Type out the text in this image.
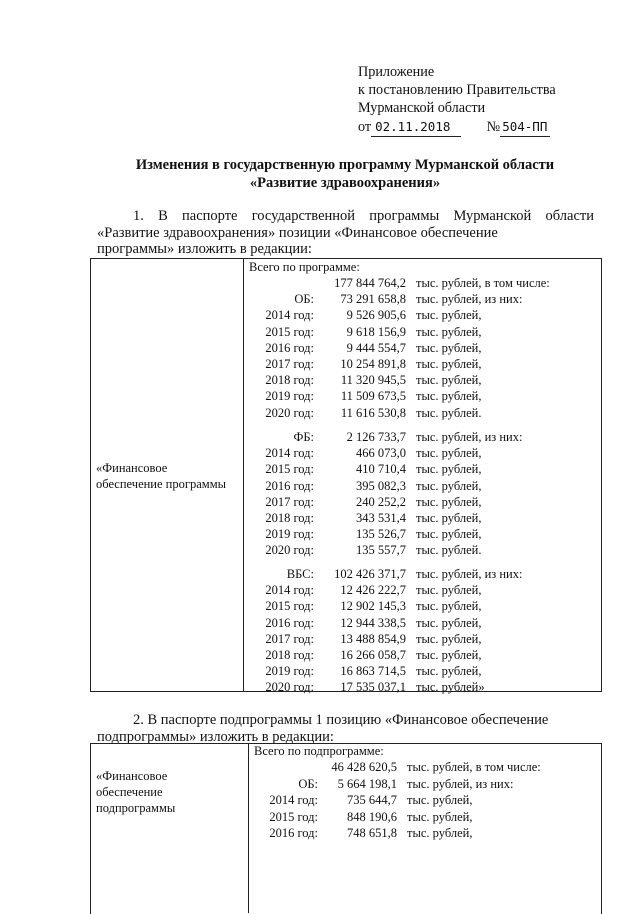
Приложение
к постановлению Правительства
Мурманской области
от 02.11.2018	№ 504-ПП
Изменения в государственную программу Мурманской области
«Развитие здравоохранения»
1. В паспорте государственной программы Мурманской области «Развитие здравоохранения» позиции «Финансовое обеспечение
программы» изложить в редакции:
«Финансовое
обеспечение программы
Всего по программе:
177 844 764,2 тыс. рублей, в том числе:
ОБ: 73 291 658,8 тыс. рублей, из них:
2014 год:	9 526 905,6 тыс. рублей,
2015 год:	9 618 156,9 тыс. рублей,
2016 год:	9 444 554,7 тыс. рублей,
2017 год: 10 254 891,8 тыс. рублей,
2018 год: 11 320 945,5 тыс. рублей,
2019 год: 11 509 673,5 тыс. рублей,
2020 год: 11 616 530,8 тыс. рублей.
ФБ:	2 126 733,7 тыс. рублей, из них:
2014 год:	466 073,0 тыс. рублей,
2015 год:	410 710,4 тыс. рублей,
2016 год:	395 082,3 тыс. рублей,
2017 год:	240 252,2 тыс. рублей,
2018 год:	343 531,4 тыс. рублей,
2019 год:	135 526,7 тыс. рублей,
2020 год:	135 557,7 тыс. рублей.
ВБС: 102 426 371,7 тыс. рублей, из них:
2014 год: 12 426 222,7 тыс. рублей,
2015 год: 12 902 145,3 тыс. рублей,
2016 год: 12 944 338,5 тыс. рублей,
2017 год: 13 488 854,9 тыс. рублей,
2018 год: 16 266 058,7 тыс. рублей,
2019 год: 16 863 714,5 тыс. рублей,
2020 год: 17 535 037,1 тыс. рублей»
2. В паспорте подпрограммы 1 позицию «Финансовое обеспечение
подпрограммы» изложить в редакции:
«Финансовое
обеспечение
подпрограммы
Всего по подпрограмме:
46 428 620,5 тыс. рублей, в том числе:
ОБ: 5 664 198,1 тыс. рублей, из них:
2014 год: 735 644,7 тыс. рублей,
2015 год: 848 190,6 тыс. рублей,
2016 год: 748 651,8 тыс. рублей,
